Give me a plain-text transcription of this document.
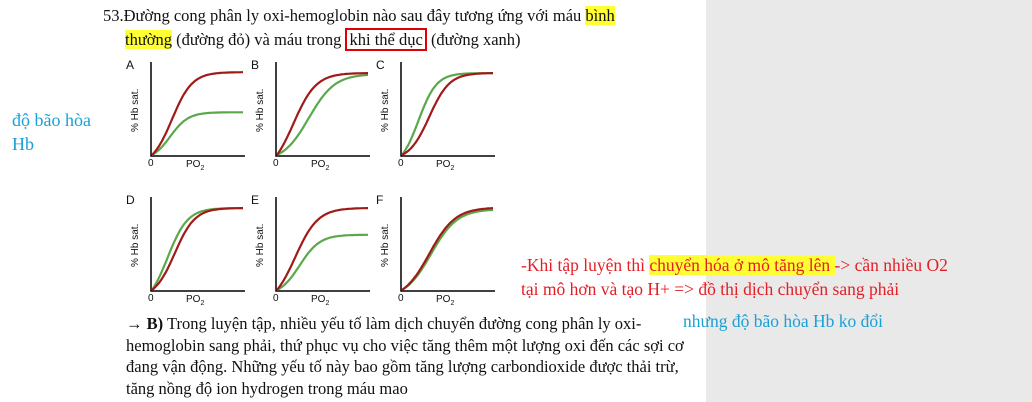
53.Đường cong phân ly oxi-hemoglobin nào sau đây tương ứng với máu bình
thường (đường đỏ) và máu trong khi thể dục (đường xanh)
độ bão hòa
Hb
A
% Hb sat.
0	$PO_2$
B
% Hb sat.
0	$PO_2$
C
% Hb sat.
0	$PO_2$
D
% Hb sat.
0	$PO_2$
E
% Hb sat.
0	$PO_2$
F
% Hb sat.
0	$PO_2$
-Khi tập luyện thì chuyển hóa ở mô tăng lên -> cần nhiều O2
tại mô hơn và tạo H+ => đồ thị dịch chuyển sang phải
nhưng độ bão hòa Hb ko đổi
→ B) Trong luyện tập, nhiều yếu tố làm dịch chuyển đường cong phân ly oxi-hemoglobin sang phải, thứ phục vụ cho việc tăng thêm một lượng oxi đến các sợi cơ đang vận động. Những yếu tố này bao gồm tăng lượng carbondioxide được thải trừ, tăng nồng độ ion hydrogen trong máu mao
